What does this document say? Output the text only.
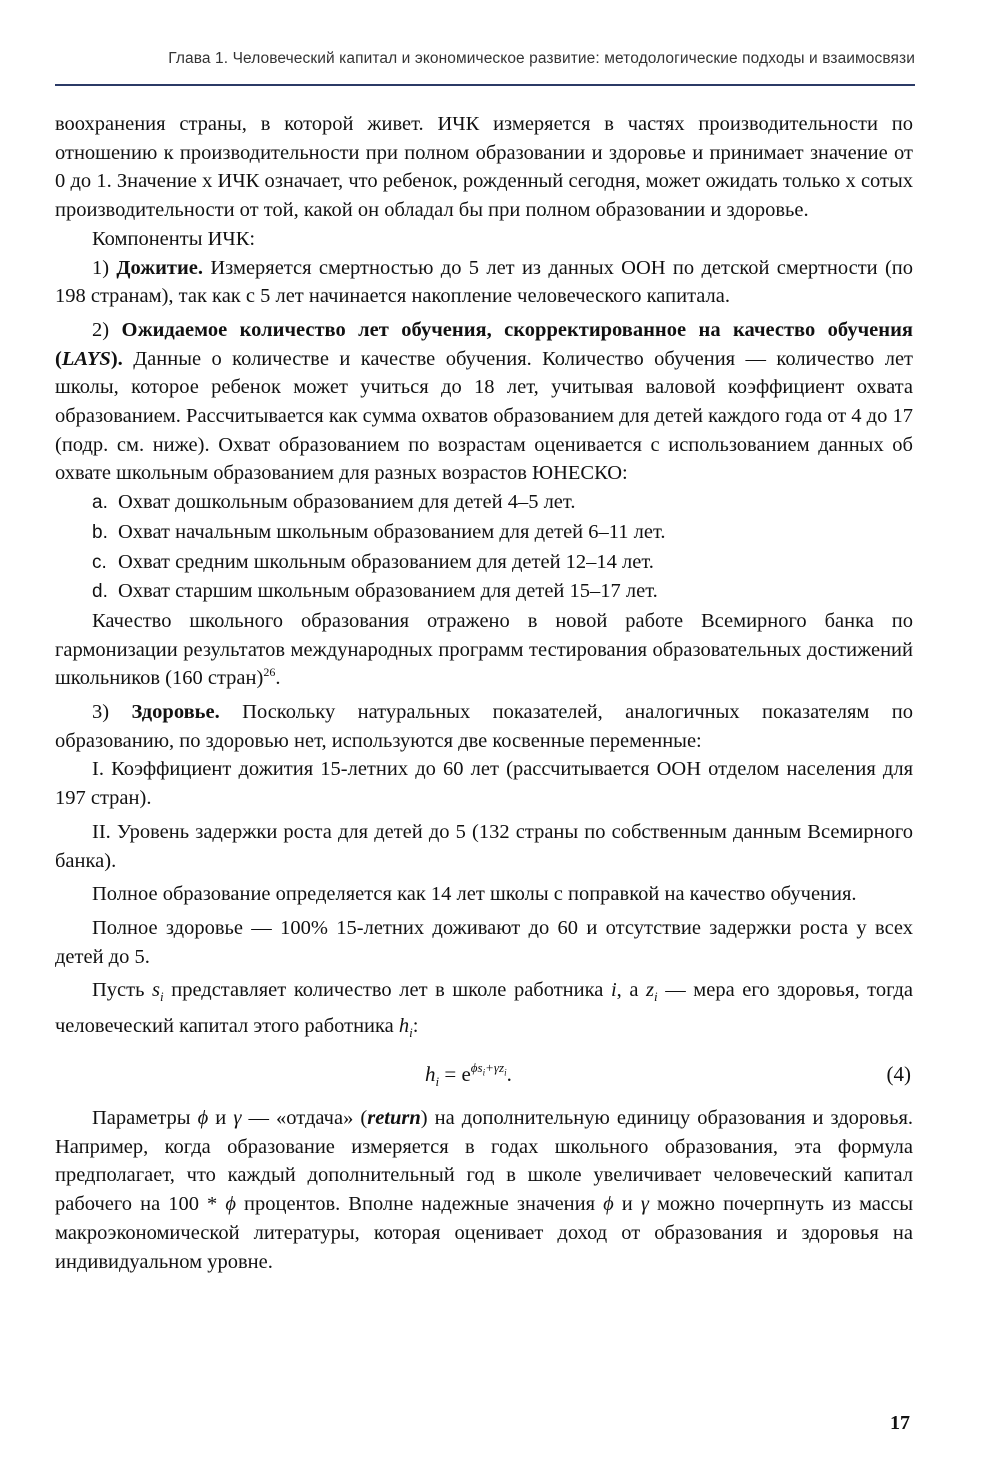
Глава 1. Человеческий капитал и экономическое развитие: методологические подходы и взаимосвязи

воохранения страны, в которой живет. ИЧК измеряется в частях производительности по отношению к производительности при полном образовании и здоровье и принимает значение от 0 до 1. Значение x ИЧК означает, что ребенок, рожденный сегодня, может ожидать только x сотых производительности от той, какой он обладал бы при полном образовании и здоровье.

Компоненты ИЧК:

1) Дожитие. Измеряется смертностью до 5 лет из данных ООН по детской смертности (по 198 странам), так как с 5 лет начинается накопление человеческого капитала.

2) Ожидаемое количество лет обучения, скорректированное на качество обучения (LAYS). Данные о количестве и качестве обучения. Количество обучения — количество лет школы, которое ребенок может учиться до 18 лет, учитывая валовой коэффициент охвата образованием. Рассчитывается как сумма охватов образованием для детей каждого года от 4 до 17 (подр. см. ниже). Охват образованием по возрастам оценивается с использованием данных об охвате школьным образованием для разных возрастов ЮНЕСКО:

a. Охват дошкольным образованием для детей 4–5 лет.

b. Охват начальным школьным образованием для детей 6–11 лет.

c. Охват средним школьным образованием для детей 12–14 лет.

d. Охват старшим школьным образованием для детей 15–17 лет.

Качество школьного образования отражено в новой работе Всемирного банка по гармонизации результатов международных программ тестирования образовательных достижений школьников (160 стран)$^{26}$.

3) Здоровье. Поскольку натуральных показателей, аналогичных показателям по образованию, по здоровью нет, используются две косвенные переменные:

I. Коэффициент дожития 15-летних до 60 лет (рассчитывается ООН отделом населения для 197 стран).

II. Уровень задержки роста для детей до 5 (132 страны по собственным данным Всемирного банка).

Полное образование определяется как 14 лет школы с поправкой на качество обучения.

Полное здоровье — 100% 15-летних доживают до 60 и отсутствие задержки роста у всех детей до 5.

Пусть $s_i$ представляет количество лет в школе работника i, а $z_i$ — мера его здоровья, тогда человеческий капитал этого работника $h_i$:

$h_i = e^{\phi s_i+\gamma z_i}$.	(4)

Параметры ϕ и γ — «отдача» (return) на дополнительную единицу образования и здоровья. Например, когда образование измеряется в годах школьного образования, эта формула предполагает, что каждый дополнительный год в школе увеличивает человеческий капитал рабочего на 100 * ϕ процентов. Вполне надежные значения ϕ и γ можно почерпнуть из массы макроэкономической литературы, которая оценивает доход от образования и здоровья на индивидуальном уровне.

17
